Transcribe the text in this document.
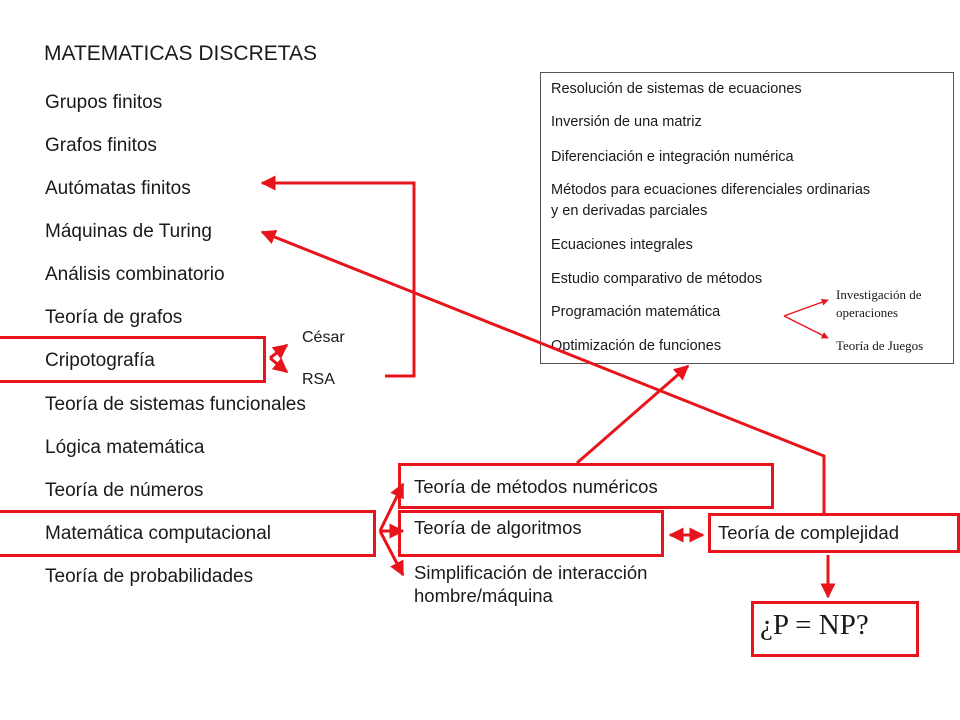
MATEMATICAS DISCRETAS
Grupos finitos
Grafos finitos
Autómatas finitos
Máquinas de Turing
Análisis combinatorio
Teoría de grafos
Cripotografía
Teoría de sistemas funcionales
Lógica matemática
Teoría de números
Matemática computacional
Teoría de probabilidades
César
RSA
Resolución de sistemas de ecuaciones
Inversión de una matriz
Diferenciación e integración numérica
Métodos para ecuaciones diferenciales ordinarias y en derivadas parciales
Ecuaciones integrales
Estudio comparativo de métodos
Programación matemática
Optimización de funciones
Investigación de operaciones
Teoría de Juegos
Teoría de métodos numéricos
Teoría de algoritmos
Simplificación de interacción hombre/máquina
Teoría de complejidad
¿P = NP?
